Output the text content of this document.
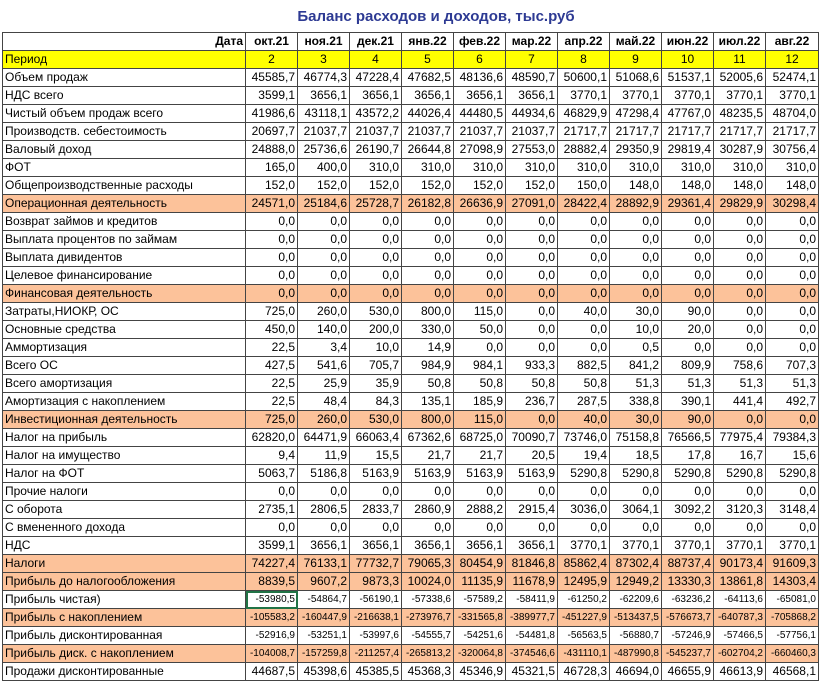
Баланс расходов и доходов, тыс.руб
Дата	окт.21	ноя.21	дек.21	янв.22	фев.22	мар.22	апр.22	май.22	июн.22	июл.22	авг.22
Период	2	3	4	5	6	7	8	9	10	11	12
Объем продаж	45585,7	46774,3	47228,4	47682,5	48136,6	48590,7	50600,1	51068,6	51537,1	52005,6	52474,1
НДС всего	3599,1	3656,1	3656,1	3656,1	3656,1	3656,1	3770,1	3770,1	3770,1	3770,1	3770,1
Чистый объем продаж всего	41986,6	43118,1	43572,2	44026,4	44480,5	44934,6	46829,9	47298,4	47767,0	48235,5	48704,0
Производств. себестоимость	20697,7	21037,7	21037,7	21037,7	21037,7	21037,7	21717,7	21717,7	21717,7	21717,7	21717,7
Валовый доход	24888,0	25736,6	26190,7	26644,8	27098,9	27553,0	28882,4	29350,9	29819,4	30287,9	30756,4
ФОТ	165,0	400,0	310,0	310,0	310,0	310,0	310,0	310,0	310,0	310,0	310,0
Общепроизводственные расходы	152,0	152,0	152,0	152,0	152,0	152,0	150,0	148,0	148,0	148,0	148,0
Операционная деятельность	24571,0	25184,6	25728,7	26182,8	26636,9	27091,0	28422,4	28892,9	29361,4	29829,9	30298,4
Возврат займов и кредитов	0,0	0,0	0,0	0,0	0,0	0,0	0,0	0,0	0,0	0,0	0,0
Выплата процентов по займам	0,0	0,0	0,0	0,0	0,0	0,0	0,0	0,0	0,0	0,0	0,0
Выплата дивидентов	0,0	0,0	0,0	0,0	0,0	0,0	0,0	0,0	0,0	0,0	0,0
Целевое финансирование	0,0	0,0	0,0	0,0	0,0	0,0	0,0	0,0	0,0	0,0	0,0
Финансовая деятельность	0,0	0,0	0,0	0,0	0,0	0,0	0,0	0,0	0,0	0,0	0,0
Затраты,НИОКР, ОС	725,0	260,0	530,0	800,0	115,0	0,0	40,0	30,0	90,0	0,0	0,0
Основные средства	450,0	140,0	200,0	330,0	50,0	0,0	0,0	10,0	20,0	0,0	0,0
Аммортизация	22,5	3,4	10,0	14,9	0,0	0,0	0,0	0,5	0,0	0,0	0,0
Всего ОС	427,5	541,6	705,7	984,9	984,1	933,3	882,5	841,2	809,9	758,6	707,3
Всего амортизация	22,5	25,9	35,9	50,8	50,8	50,8	50,8	51,3	51,3	51,3	51,3
Амортизация с накоплением	22,5	48,4	84,3	135,1	185,9	236,7	287,5	338,8	390,1	441,4	492,7
Инвестиционная деятельность	725,0	260,0	530,0	800,0	115,0	0,0	40,0	30,0	90,0	0,0	0,0
Налог на прибыль	62820,0	64471,9	66063,4	67362,6	68725,0	70090,7	73746,0	75158,8	76566,5	77975,4	79384,3
Налог на имущество	9,4	11,9	15,5	21,7	21,7	20,5	19,4	18,5	17,8	16,7	15,6
Налог на ФОТ	5063,7	5186,8	5163,9	5163,9	5163,9	5163,9	5290,8	5290,8	5290,8	5290,8	5290,8
Прочие налоги	0,0	0,0	0,0	0,0	0,0	0,0	0,0	0,0	0,0	0,0	0,0
С оборота	2735,1	2806,5	2833,7	2860,9	2888,2	2915,4	3036,0	3064,1	3092,2	3120,3	3148,4
С вмененного дохода	0,0	0,0	0,0	0,0	0,0	0,0	0,0	0,0	0,0	0,0	0,0
НДС	3599,1	3656,1	3656,1	3656,1	3656,1	3656,1	3770,1	3770,1	3770,1	3770,1	3770,1
Налоги	74227,4	76133,1	77732,7	79065,3	80454,9	81846,8	85862,4	87302,4	88737,4	90173,4	91609,3
Прибыль до налогообложения	8839,5	9607,2	9873,3	10024,0	11135,9	11678,9	12495,9	12949,2	13330,3	13861,8	14303,4
Прибыль чистая)	-53980,5	-54864,7	-56190,1	-57338,6	-57589,2	-58411,9	-61250,2	-62209,6	-63236,2	-64113,6	-65081,0
Прибыль с накоплением	-105583,2	-160447,9	-216638,1	-273976,7	-331565,8	-389977,7	-451227,9	-513437,5	-576673,7	-640787,3	-705868,2
Прибыль дисконтированная	-52916,9	-53251,1	-53997,6	-54555,7	-54251,6	-54481,8	-56563,5	-56880,7	-57246,9	-57466,5	-57756,1
Прибыль диск. с накоплением	-104008,7	-157259,8	-211257,4	-265813,2	-320064,8	-374546,6	-431110,1	-487990,8	-545237,7	-602704,2	-660460,3
Продажи дисконтированные	44687,5	45398,6	45385,5	45368,3	45346,9	45321,5	46728,3	46694,0	46655,9	46613,9	46568,1
